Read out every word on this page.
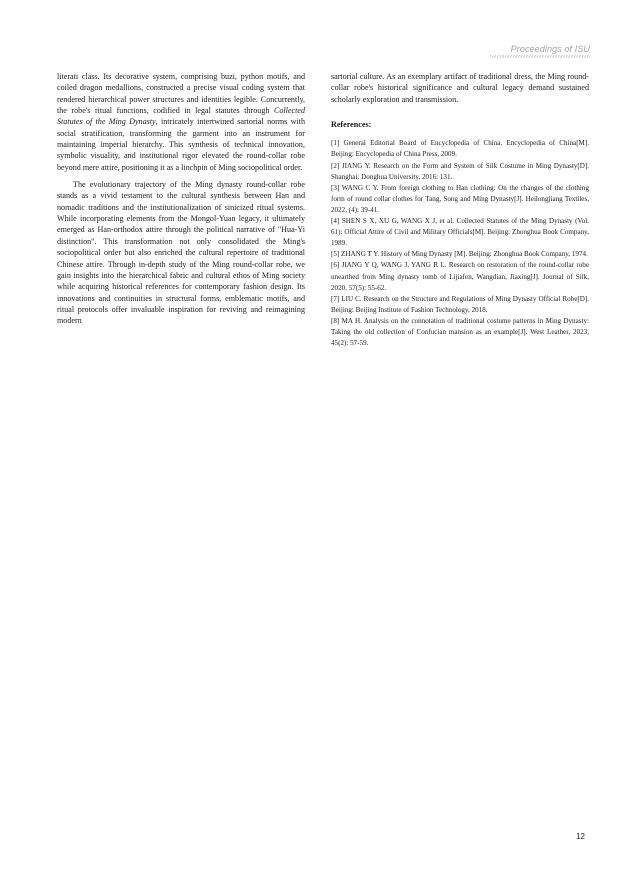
Proceedings of ISU

literati class. Its decorative system, comprising buzi, python motifs, and coiled dragon medallions, constructed a precise visual coding system that rendered hierarchical power structures and identities legible. Concurrently, the robe's ritual functions, codified in legal statutes through Collected Statutes of the Ming Dynasty, intricately intertwined sartorial norms with social stratification, transforming the garment into an instrument for maintaining imperial hierarchy. This synthesis of technical innovation, symbolic visuality, and institutional rigor elevated the round-collar robe beyond mere attire, positioning it as a linchpin of Ming sociopolitical order.

The evolutionary trajectory of the Ming dynasty round-collar robe stands as a vivid testament to the cultural synthesis between Han and nomadic traditions and the institutionalization of sinicized ritual systems. While incorporating elements from the Mongol-Yuan legacy, it ultimately emerged as Han-orthodox attire through the political narrative of "Hua-Yi distinction". This transformation not only consolidated the Ming's sociopolitical order but also enriched the cultural repertoire of traditional Chinese attire. Through in-depth study of the Ming round-collar robe, we gain insights into the hierarchical fabric and cultural ethos of Ming society while acquiring historical references for contemporary fashion design. Its innovations and continuities in structural forms, emblematic motifs, and ritual protocols offer invaluable inspiration for reviving and reimagining modern

sartorial culture. As an exemplary artifact of traditional dress, the Ming round-collar robe's historical significance and cultural legacy demand sustained scholarly exploration and transmission.

References:

[1] General Editorial Board of Encyclopedia of China. Encyclopedia of China[M]. Beijing: Encyclopedia of China Press, 2009.

[2] JIANG Y. Research on the Form and System of Silk Costume in Ming Dynasty[D]. Shanghai: Donghua University, 2016: 131.

[3] WANG C Y. From foreign clothing to Han clothing: On the changes of the clothing form of round collar clothes for Tang, Song and Ming Dynasty[J]. Heilongjiang Textiles, 2022, (4): 39-41.

[4] SHEN S X, XU G, WANG X J, et al. Collected Statutes of the Ming Dynasty (Vol. 61): Official Attire of Civil and Military Officials[M]. Beijing: Zhonghua Book Company, 1989.

[5] ZHANG T Y. History of Ming Dynasty [M]. Beijing: Zhonghua Book Company, 1974.

[6] JIANG Y Q, WANG J, YANG R L. Research on restoration of the round-collar robe unearthed from Ming dynasty tomb of Lijiafen, Wangdian, Jiaxing[J]. Journal of Silk, 2020, 57(5): 55-62.

[7] LIU C. Research on the Structure and Regulations of Ming Dynasty Official Robe[D]. Beijing: Beijing Institute of Fashion Technology, 2018.

[8] MA H. Analysis on the connotation of traditional costume patterns in Ming Dynasty: Taking the old collection of Confucian mansion as an example[J]. West Leather, 2023, 45(2): 57-59.

12
